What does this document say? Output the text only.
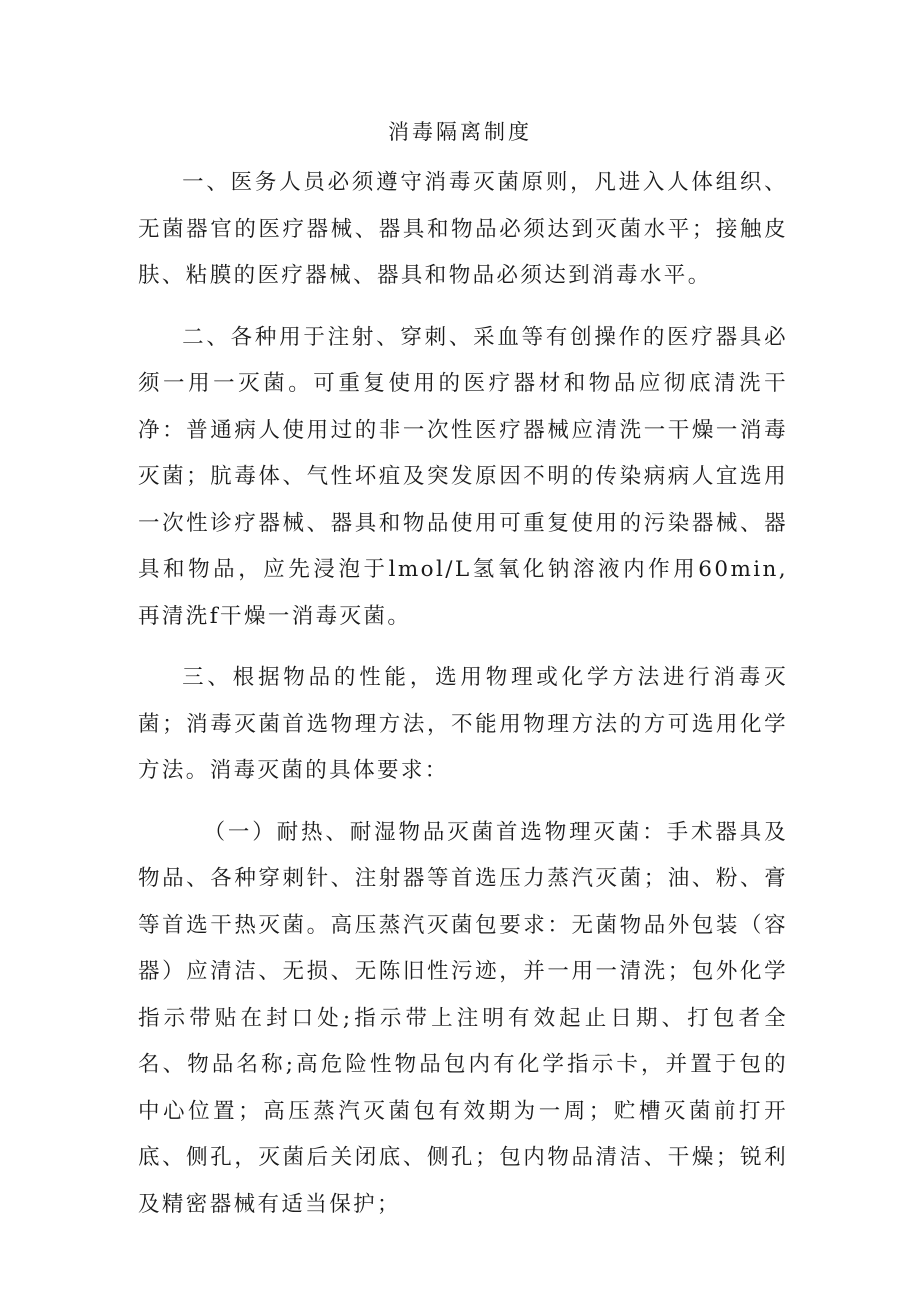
消毒隔离制度

一、医务人员必须遵守消毒灭菌原则，凡进入人体组织、无菌器官的医疗器械、器具和物品必须达到灭菌水平；接触皮肤、粘膜的医疗器械、器具和物品必须达到消毒水平。

二、各种用于注射、穿刺、采血等有创操作的医疗器具必须一用一灭菌。可重复使用的医疗器材和物品应彻底清洗干净：普通病人使用过的非一次性医疗器械应清洗一干燥一消毒灭菌；肮毒体、气性坏疽及突发原因不明的传染病病人宜选用一次性诊疗器械、器具和物品使用可重复使用的污染器械、器具和物品，应先浸泡于lmol∕L氢氧化钠溶液内作用60min,再清洗f干燥一消毒灭菌。

三、根据物品的性能，选用物理或化学方法进行消毒灭菌；消毒灭菌首选物理方法，不能用物理方法的方可选用化学方法。消毒灭菌的具体要求：

（一）耐热、耐湿物品灭菌首选物理灭菌：手术器具及物品、各种穿刺针、注射器等首选压力蒸汽灭菌；油、粉、膏等首选干热灭菌。高压蒸汽灭菌包要求：无菌物品外包装（容器）应清洁、无损、无陈旧性污迹，并一用一清洗；包外化学指示带贴在封口处;指示带上注明有效起止日期、打包者全名、物品名称;高危险性物品包内有化学指示卡，并置于包的中心位置；高压蒸汽灭菌包有效期为一周；贮槽灭菌前打开底、侧孔，灭菌后关闭底、侧孔；包内物品清洁、干燥；锐利及精密器械有适当保护；
